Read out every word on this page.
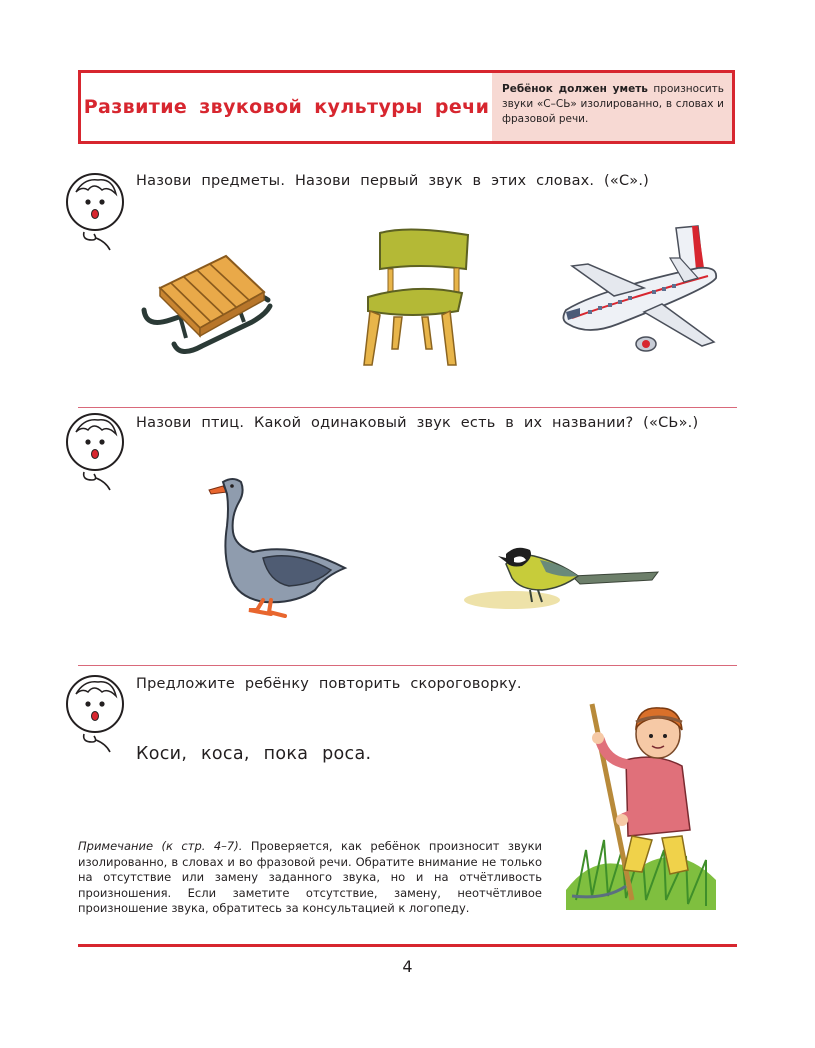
Развитие звуковой культуры речи
Ребёнок должен уметь произносить звуки «С–СЬ» изолированно, в словах и фразовой речи.
Назови предметы. Назови первый звук в этих словах. («С».)
Назови птиц. Какой одинаковый звук есть в их названии? («СЬ».)
Предложите ребёнку повторить скороговорку.
Коси, коса, пока роса.
Примечание (к стр. 4–7). Проверяется, как ребёнок произносит звуки изолированно, в словах и во фразовой речи. Обратите внимание не только на отсутствие или замену заданного звука, но и на отчётливость произношения. Если заметите отсутствие, замену, неотчётливое произношение звука, обратитесь за консультацией к логопеду.
4
